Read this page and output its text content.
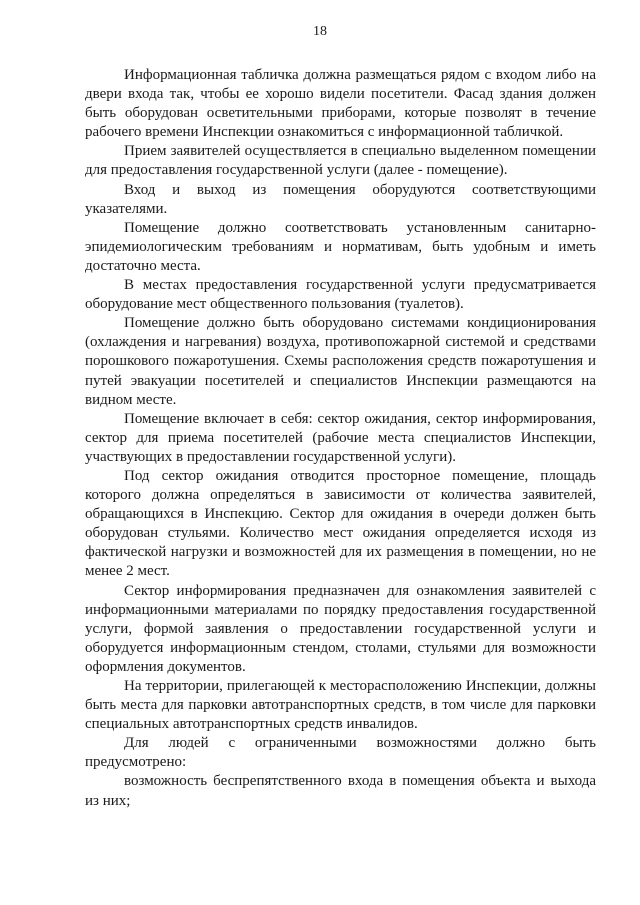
18

Информационная табличка должна размещаться рядом с входом либо на двери входа так, чтобы ее хорошо видели посетители. Фасад здания должен быть оборудован осветительными приборами, которые позволят в течение рабочего времени Инспекции ознакомиться с информационной табличкой.

Прием заявителей осуществляется в специально выделенном помещении для предоставления государственной услуги (далее - помещение).

Вход и выход из помещения оборудуются соответствующими указателями.

Помещение должно соответствовать установленным санитарно-эпидемиологическим требованиям и нормативам, быть удобным и иметь достаточно места.

В местах предоставления государственной услуги предусматривается оборудование мест общественного пользования (туалетов).

Помещение должно быть оборудовано системами кондиционирования (охлаждения и нагревания) воздуха, противопожарной системой и средствами порошкового пожаротушения. Схемы расположения средств пожаротушения и путей эвакуации посетителей и специалистов Инспекции размещаются на видном месте.

Помещение включает в себя: сектор ожидания, сектор информирования, сектор для приема посетителей (рабочие места специалистов Инспекции, участвующих в предоставлении государственной услуги).

Под сектор ожидания отводится просторное помещение, площадь которого должна определяться в зависимости от количества заявителей, обращающихся в Инспекцию. Сектор для ожидания в очереди должен быть оборудован стульями. Количество мест ожидания определяется исходя из фактической нагрузки и возможностей для их размещения в помещении, но не менее 2 мест.

Сектор информирования предназначен для ознакомления заявителей с информационными материалами по порядку предоставления государственной услуги, формой заявления о предоставлении государственной услуги и оборудуется информационным стендом, столами, стульями для возможности оформления документов.

На территории, прилегающей к месторасположению Инспекции, должны быть места для парковки автотранспортных средств, в том числе для парковки специальных автотранспортных средств инвалидов.

Для людей с ограниченными возможностями должно быть предусмотрено:

возможность беспрепятственного входа в помещения объекта и выхода из них;
